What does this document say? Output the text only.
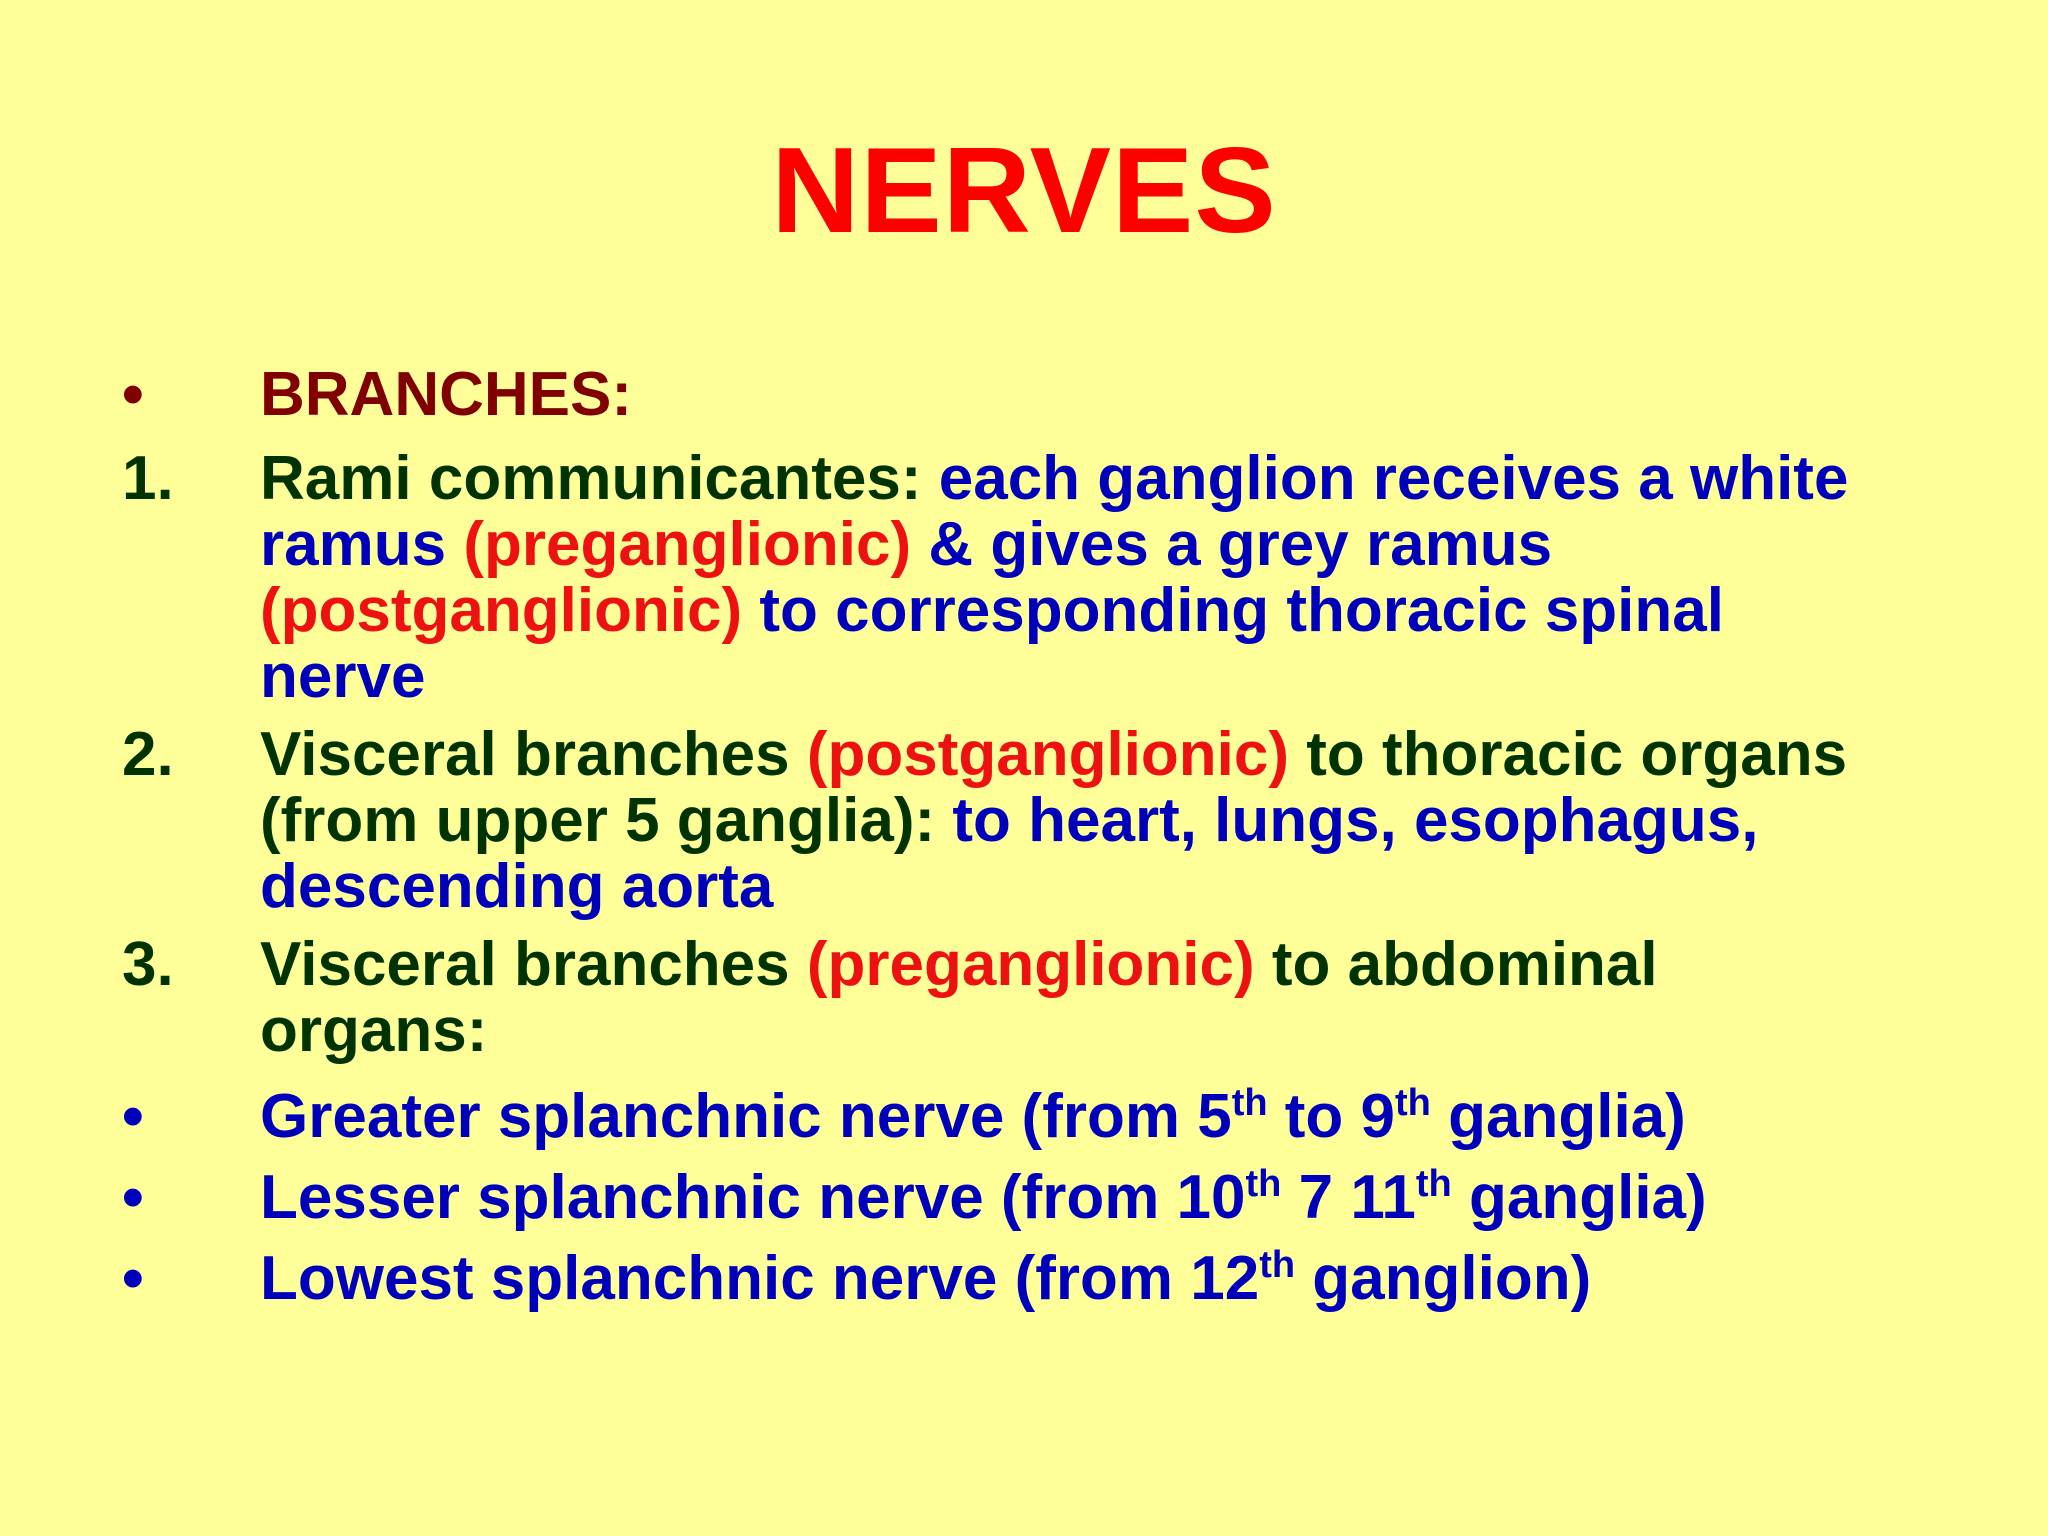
NERVES
• BRANCHES:
1. Rami communicantes: each ganglion receives a white ramus (preganglionic) & gives a grey ramus (postganglionic) to corresponding thoracic spinal nerve
2. Visceral branches (postganglionic) to thoracic organs (from upper 5 ganglia): to heart, lungs, esophagus, descending aorta
3. Visceral branches (preganglionic) to abdominal organs:
• Greater splanchnic nerve (from 5th to 9th ganglia)
• Lesser splanchnic nerve (from 10th 7 11th ganglia)
• Lowest splanchnic nerve (from 12th ganglion)
